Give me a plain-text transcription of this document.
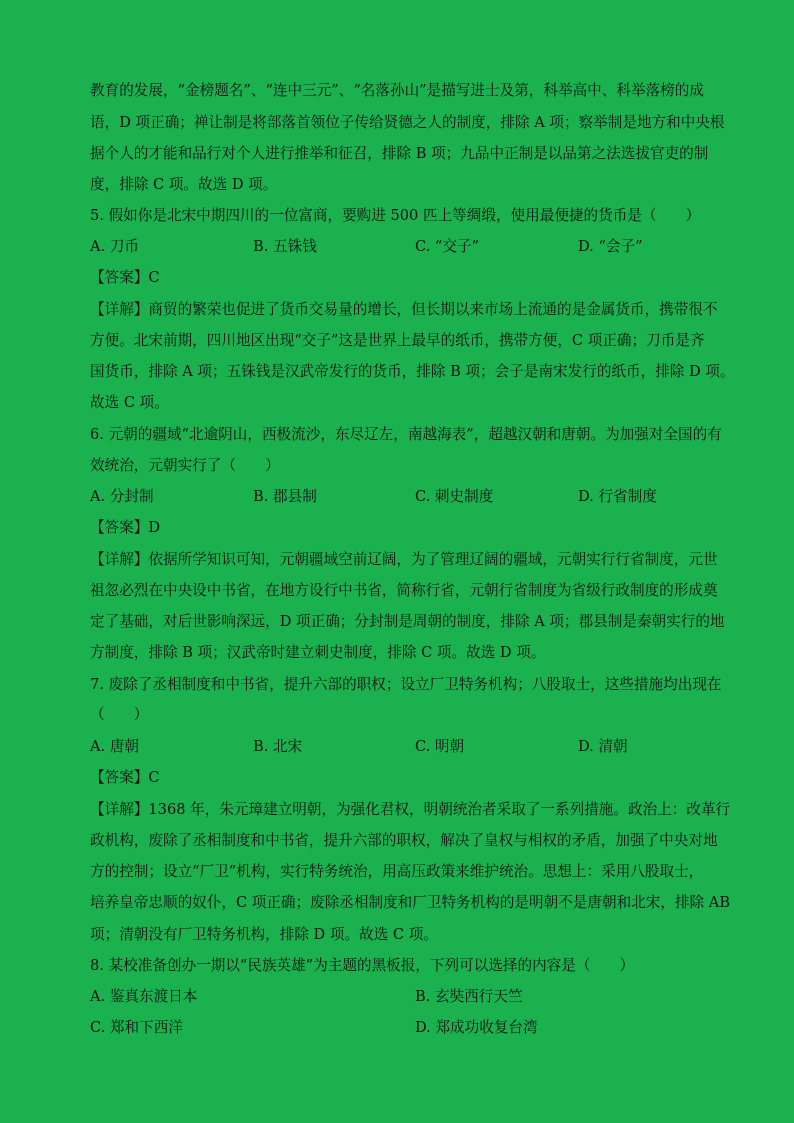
教育的发展，“金榜题名”、“连中三元”、“名落孙山”是描写进士及第，科举高中、科举落榜的成
语，D 项正确；禅让制是将部落首领位子传给贤德之人的制度，排除 A 项；察举制是地方和中央根
据个人的才能和品行对个人进行推举和征召，排除 B 项；九品中正制是以品第之法选拔官吏的制
度，排除 C 项。故选 D 项。
5. 假如你是北宋中期四川的一位富商，要购进 500 匹上等绸缎，使用最便捷的货币是（　　）
A. 刀币	B. 五铢钱	C. “交子”	D. “会子”
【答案】C
【详解】商贸的繁荣也促进了货币交易量的增长，但长期以来市场上流通的是金属货币，携带很不
方便。北宋前期，四川地区出现“交子”这是世界上最早的纸币，携带方便，C 项正确；刀币是齐
国货币，排除 A 项；五铢钱是汉武帝发行的货币，排除 B 项；会子是南宋发行的纸币，排除 D 项。
故选 C 项。
6. 元朝的疆域“北逾阴山，西极流沙，东尽辽左，南越海表”，超越汉朝和唐朝。为加强对全国的有
效统治，元朝实行了（　　）
A. 分封制	B. 郡县制	C. 刺史制度	D. 行省制度
【答案】D
【详解】依据所学知识可知，元朝疆域空前辽阔，为了管理辽阔的疆域，元朝实行行省制度，元世
祖忽必烈在中央设中书省，在地方设行中书省，简称行省，元朝行省制度为省级行政制度的形成奠
定了基础，对后世影响深远，D 项正确；分封制是周朝的制度，排除 A 项；郡县制是秦朝实行的地
方制度，排除 B 项；汉武帝时建立刺史制度，排除 C 项。故选 D 项。
7. 废除了丞相制度和中书省，提升六部的职权；设立厂卫特务机构；八股取士，这些措施均出现在
（　　）
A. 唐朝	B. 北宋	C. 明朝	D. 清朝
【答案】C
【详解】1368 年，朱元璋建立明朝，为强化君权，明朝统治者采取了一系列措施。政治上：改革行
政机构，废除了丞相制度和中书省，提升六部的职权，解决了皇权与相权的矛盾，加强了中央对地
方的控制；设立“厂卫”机构，实行特务统治，用高压政策来维护统治。思想上：采用八股取士，
培养皇帝忠顺的奴仆，C 项正确；废除丞相制度和厂卫特务机构的是明朝不是唐朝和北宋，排除 AB
项；清朝没有厂卫特务机构，排除 D 项。故选 C 项。
8. 某校准备创办一期以“民族英雄”为主题的黑板报，下列可以选择的内容是（　　）
A. 鉴真东渡日本	B. 玄奘西行天竺
C. 郑和下西洋	D. 郑成功收复台湾
